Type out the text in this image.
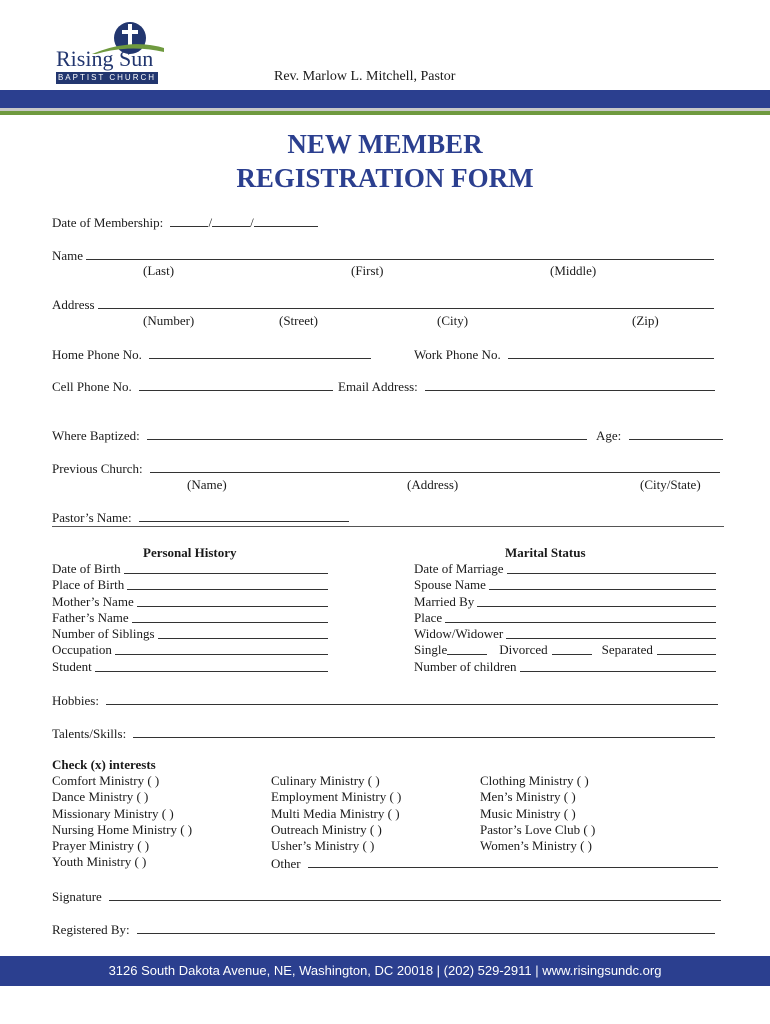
Rising Sun
BAPTIST CHURCH	Rev. Marlow L. Mitchell, Pastor
NEW MEMBER
REGISTRATION FORM
Date of Membership:	/	/
Name
(Last)	(First)	(Middle)
Address
(Number)	(Street)	(City)	(Zip)
Home Phone No.	Work Phone No.
Cell Phone No.	Email Address:
Where Baptized:	Age:
Previous Church:
(Name)	(Address)	(City/State)
Pastor’s Name:
Personal History
Date of Birth
Place of Birth
Mother’s Name
Father’s Name
Number of Siblings
Occupation
Student
Marital Status
Date of Marriage
Spouse Name
Married By
Place
Widow/Widower
Single	Divorced	Separated
Number of children
Hobbies:
Talents/Skills:
Check (x) interests
Comfort Ministry ( )
Dance Ministry ( )
Missionary Ministry ( )
Nursing Home Ministry ( )
Prayer Ministry ( )
Youth Ministry ( )
Culinary Ministry ( )
Employment Ministry ( )
Multi Media Ministry ( )
Outreach Ministry ( )
Usher’s Ministry ( )
Clothing Ministry ( )
Men’s Ministry ( )
Music Ministry ( )
Pastor’s Love Club ( )
Women’s Ministry ( )
Other
Signature
Registered By:
3126 South Dakota Avenue, NE, Washington, DC 20018 | (202) 529-2911 | www.risingsundc.org
